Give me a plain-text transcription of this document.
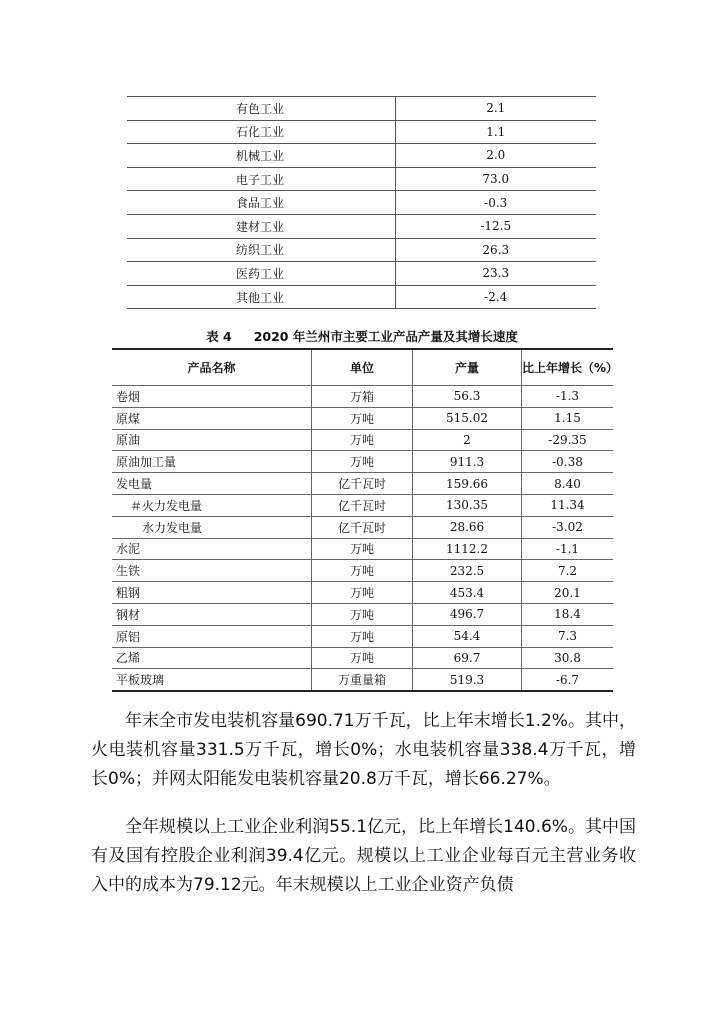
有色工业	2.1
石化工业	1.1
机械工业	2.0
电子工业	73.0
食品工业	-0.3
建材工业	-12.5
纺织工业	26.3
医药工业	23.3
其他工业	-2.4
表 4 2020 年兰州市主要工业产品产量及其增长速度
产品名称	单位	产量	比上年增长（%）
卷烟	万箱	56.3	-1.3
原煤	万吨	515.02	1.15
原油	万吨	2	-29.35
原油加工量	万吨	911.3	-0.38
发电量	亿千瓦时	159.66	8.40
＃火力发电量	亿千瓦时	130.35	11.34
水力发电量	亿千瓦时	28.66	-3.02
水泥	万吨	1112.2	-1.1
生铁	万吨	232.5	7.2
粗钢	万吨	453.4	20.1
钢材	万吨	496.7	18.4
原铝	万吨	54.4	7.3
乙烯	万吨	69.7	30.8
平板玻璃	万重量箱	519.3	-6.7

年末全市发电装机容量690.71万千瓦，比上年末增长1.2%。其中，火电装机容量331.5万千瓦，增长0%；水电装机容量338.4万千瓦，增长0%；并网太阳能发电装机容量20.8万千瓦，增长66.27%。

全年规模以上工业企业利润55.1亿元，比上年增长140.6%。其中国有及国有控股企业利润39.4亿元。规模以上工业企业每百元主营业务收入中的成本为79.12元。年末规模以上工业企业资产负债
